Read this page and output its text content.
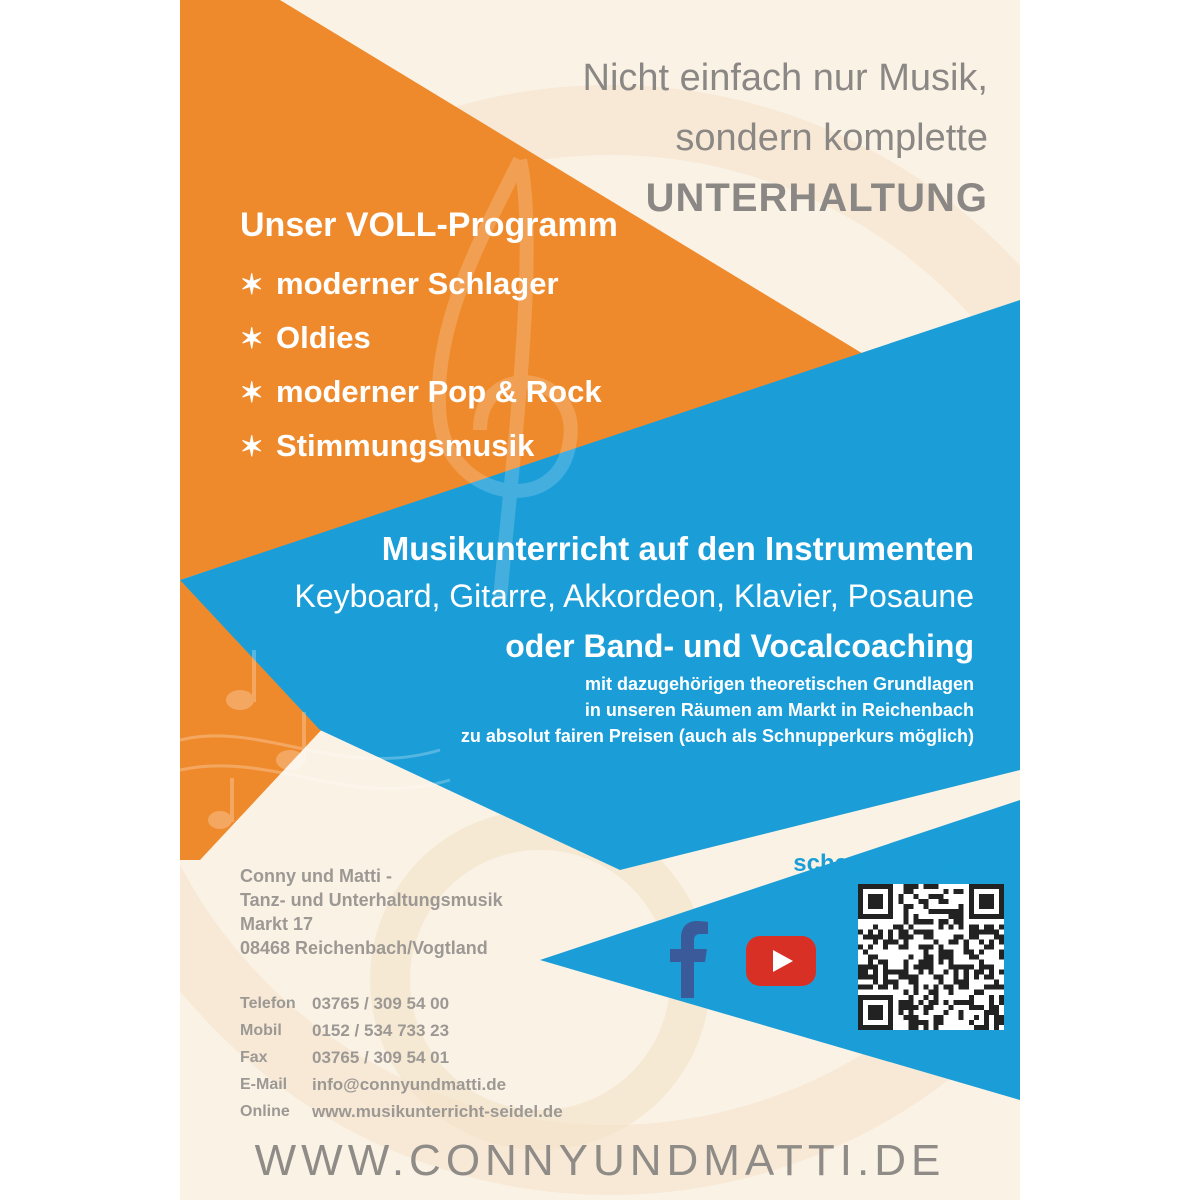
Nicht einfach nur Musik,
sondern komplette
UNTERHALTUNG
Unser VOLL-Programm
✶ moderner Schlager
✶ Oldies
✶ moderner Pop & Rock
✶ Stimmungsmusik
Musikunterricht auf den Instrumenten
Keyboard, Gitarre, Akkordeon, Klavier, Posaune
oder Band- und Vocalcoaching
mit dazugehörigen theoretischen Grundlagen
in unseren Räumen am Markt in Reichenbach
zu absolut fairen Preisen (auch als Schnupperkurs möglich)
Conny und Matti -
Tanz- und Unterhaltungsmusik
Markt 17
08468 Reichenbach/Vogtland
Telefon 03765 / 309 54 00
Mobil	0152 / 534 733 23
Fax	03765 / 309 54 01
E-Mail	info@connyundmatti.de
Online	www.musikunterricht-seidel.de
schaut auch unter
WWW.CONNYUNDMATTI.DE
